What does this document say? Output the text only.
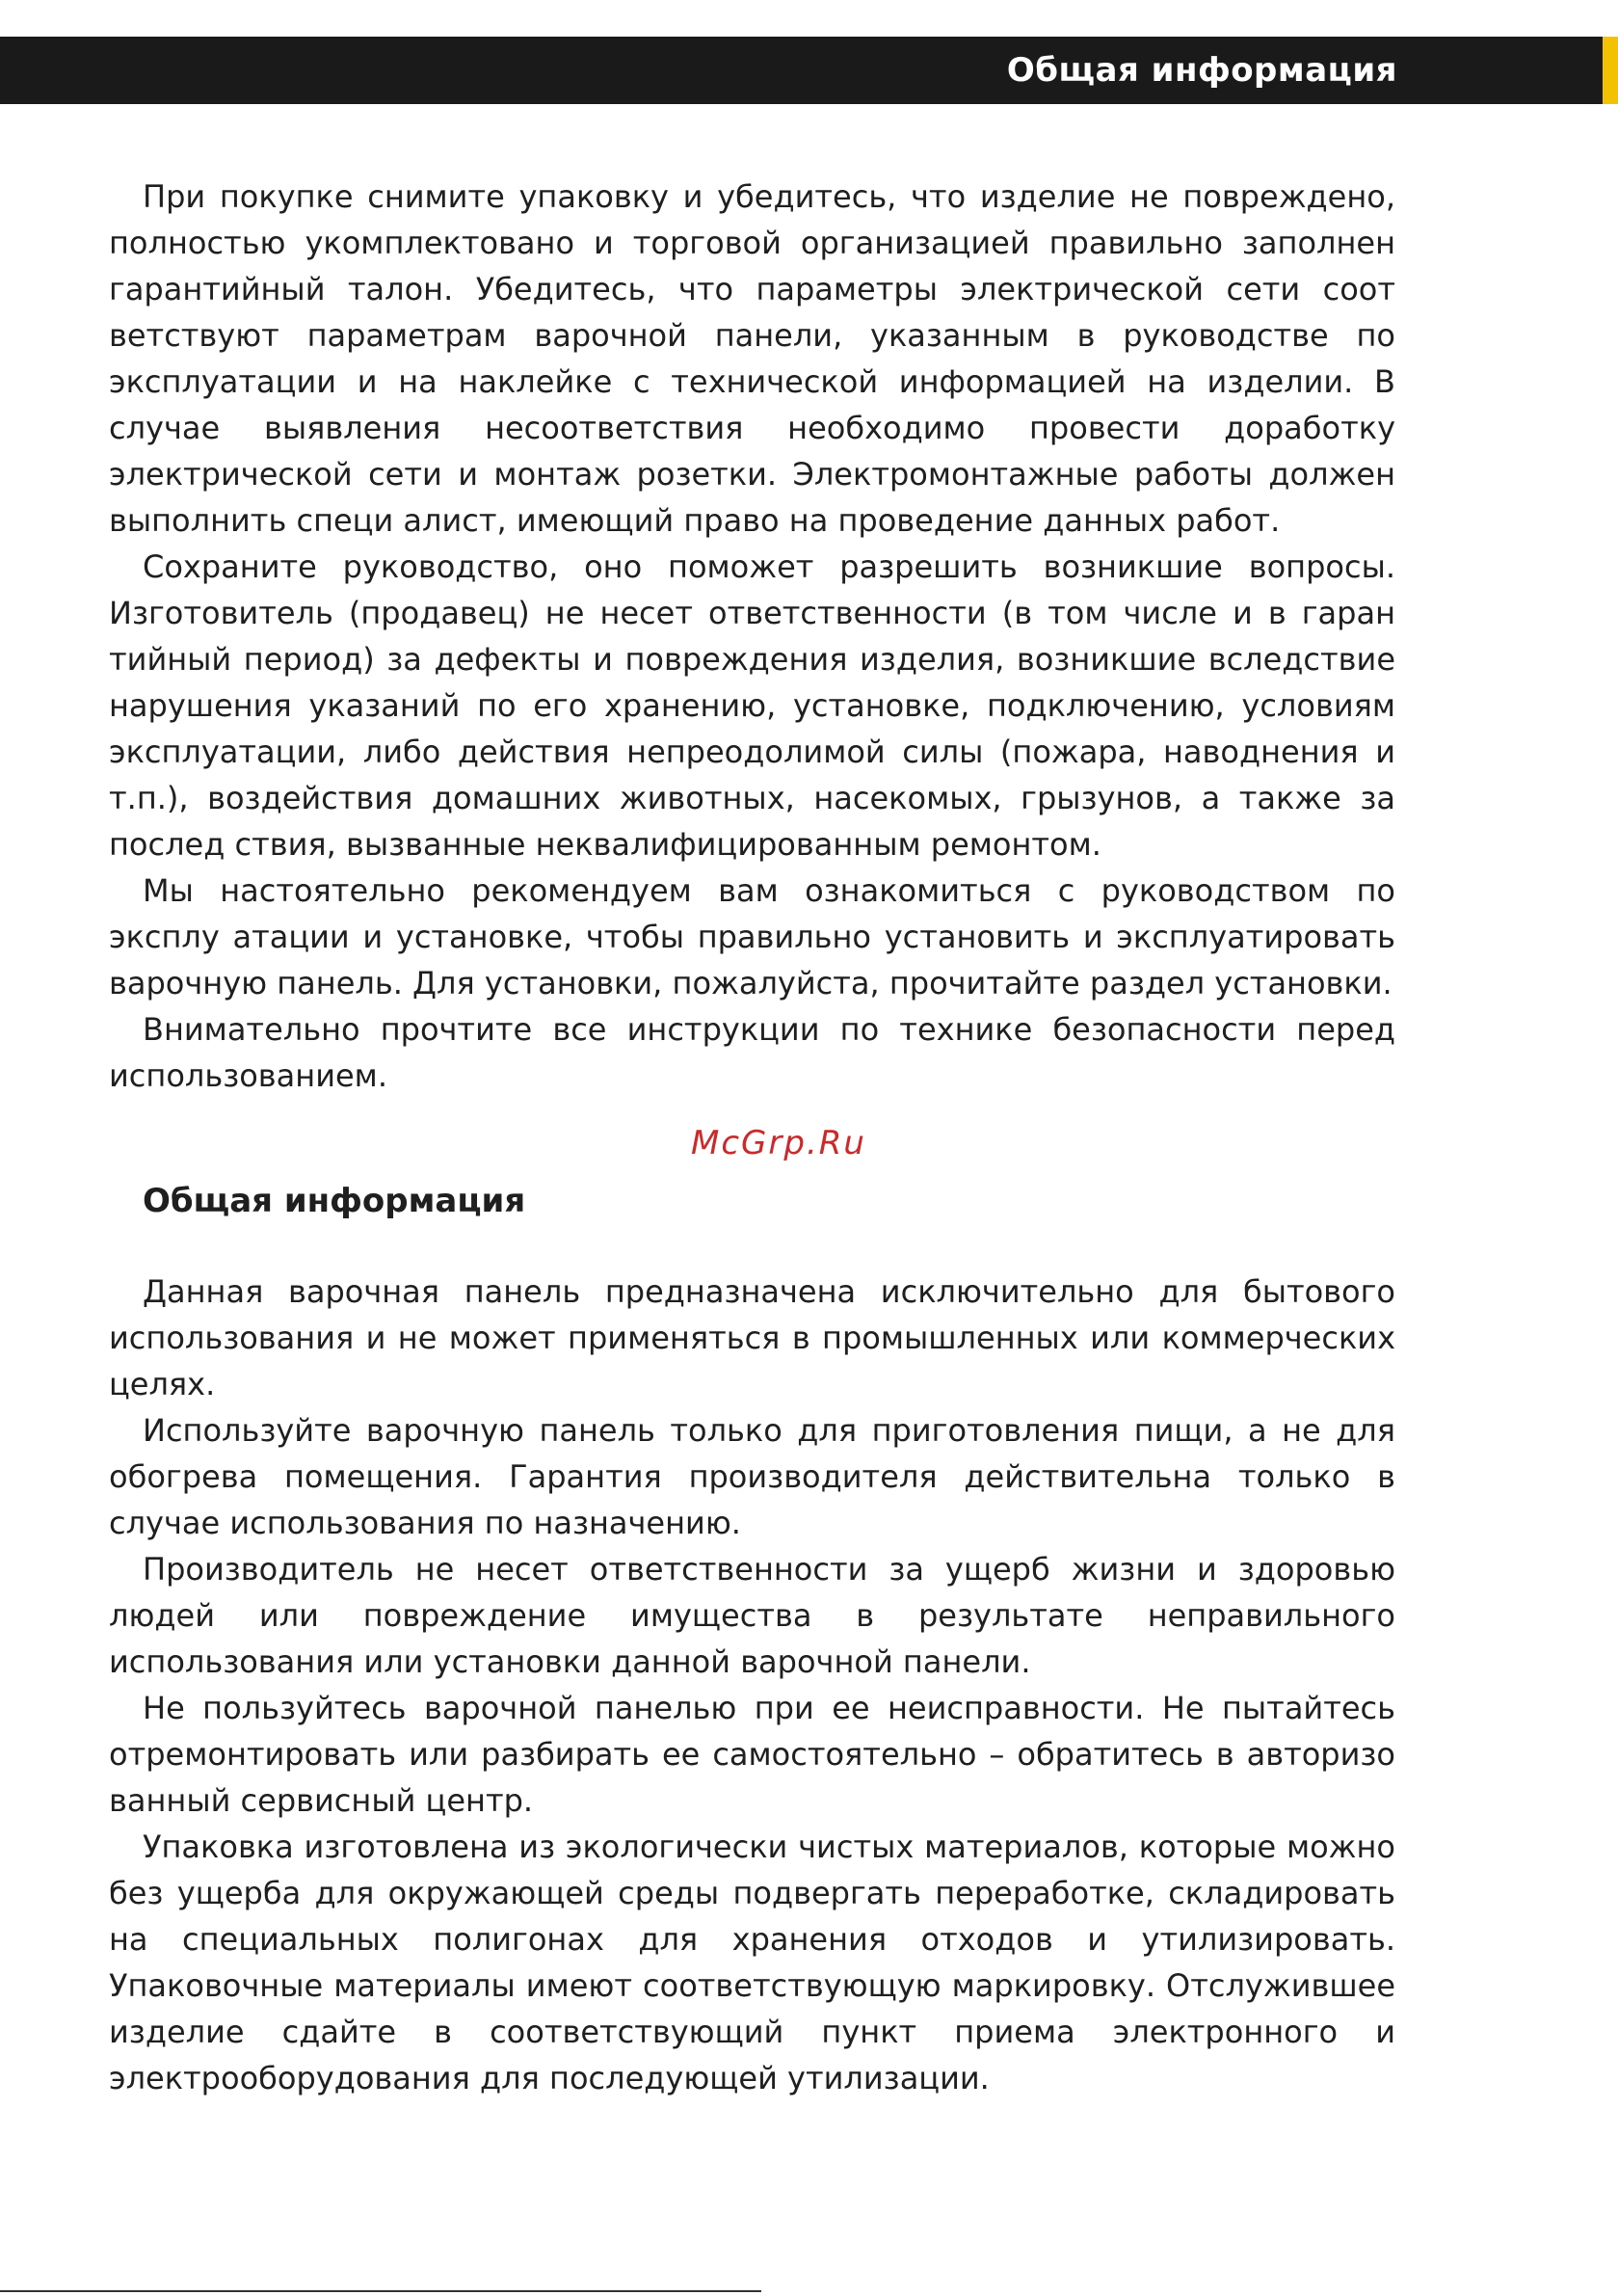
Общая информация

При покупке снимите упаковку и убедитесь, что изделие не повреждено, полностью укомплектовано и торговой организацией правильно заполнен гарантийный талон. Убедитесь, что параметры электрической сети соот ветствуют параметрам варочной панели, указанным в руководстве по эксплуатации и на наклейке с технической информацией на изделии. В случае выявления несоответствия необходимо провести доработку электрической сети и монтаж розетки. Электромонтажные работы должен выполнить специ алист, имеющий право на проведение данных работ.

Сохраните руководство, оно поможет разрешить возникшие вопросы. Изготовитель (продавец) не несет ответственности (в том числе и в гаран тийный период) за дефекты и повреждения изделия, возникшие вследствие нарушения указаний по его хранению, установке, подключению, условиям эксплуатации, либо действия непреодолимой силы (пожара, наводнения и т.п.), воздействия домашних животных, насекомых, грызунов, а также за послед ствия, вызванные неквалифицированным ремонтом.

Мы настоятельно рекомендуем вам ознакомиться с руководством по эксплу атации и установке, чтобы правильно установить и эксплуатировать варочную панель. Для установки, пожалуйста, прочитайте раздел установки.

Внимательно прочтите все инструкции по технике безопасности перед использованием.

McGrp.Ru
Общая информация

Данная варочная панель предназначена исключительно для бытового использования и не может применяться в промышленных или коммерческих целях.

Используйте варочную панель только для приготовления пищи, а не для обогрева помещения. Гарантия производителя действительна только в случае использования по назначению.

Производитель не несет ответственности за ущерб жизни и здоровью людей или повреждение имущества в результате неправильного использования или установки данной варочной панели.

Не пользуйтесь варочной панелью при ее неисправности. Не пытайтесь отремонтировать или разбирать ее самостоятельно – обратитесь в авторизо ванный сервисный центр.

Упаковка изготовлена из экологически чистых материалов, которые можно без ущерба для окружающей среды подвергать переработке, складировать на специальных полигонах для хранения отходов и утилизировать. Упаковочные материалы имеют соответствующую маркировку. Отслужившее изделие сдайте в соответствующий пункт приема электронного и электрооборудования для последующей утилизации.
